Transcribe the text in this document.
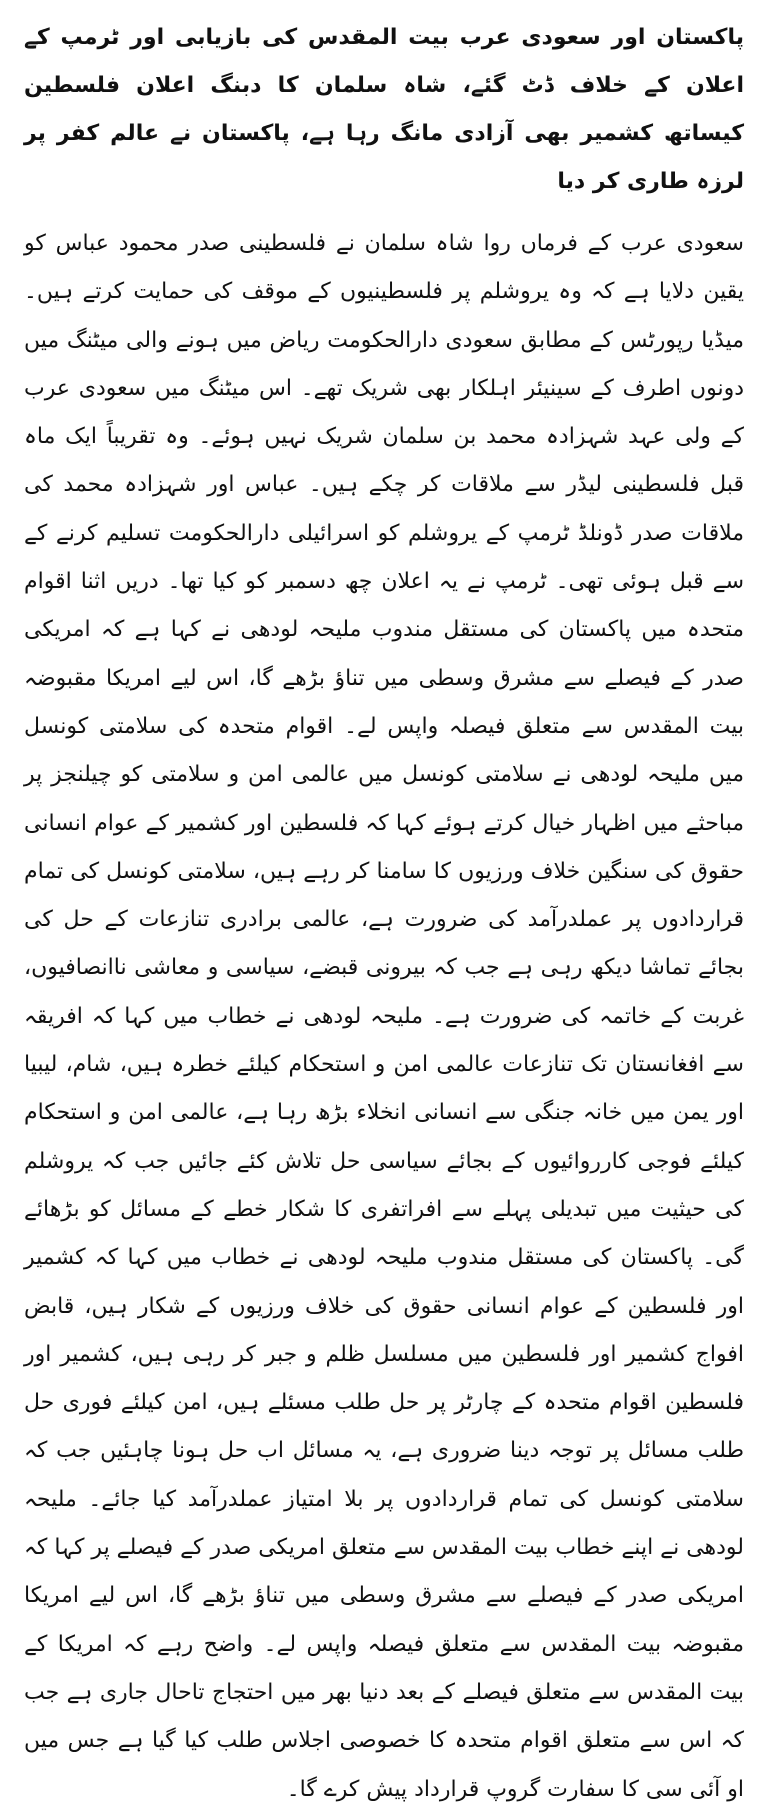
پاکستان اور سعودی عرب بیت المقدس کی بازیابی اور ٹرمپ کے اعلان کے خلاف ڈٹ گئے، شاہ سلمان کا دبنگ اعلان فلسطین کیساتھ کشمیر بھی آزادی مانگ رہا ہے، پاکستان نے عالم کفر پر لرزہ طاری کر دیا

سعودی عرب کے فرماں روا شاہ سلمان نے فلسطینی صدر محمود عباس کو یقین دلایا ہے کہ وہ یروشلم پر فلسطینیوں کے موقف کی حمایت کرتے ہیں۔ میڈیا رپورٹس کے مطابق سعودی دارالحکومت ریاض میں ہونے والی میٹنگ میں دونوں اطرف کے سینیئر اہلکار بھی شریک تھے۔ اس میٹنگ میں سعودی عرب کے ولی عہد شہزادہ محمد بن سلمان شریک نہیں ہوئے۔ وہ تقریباً ایک ماہ قبل فلسطینی لیڈر سے ملاقات کر چکے ہیں۔ عباس اور شہزادہ محمد کی ملاقات صدر ڈونلڈ ٹرمپ کے یروشلم کو اسرائیلی دارالحکومت تسلیم کرنے کے سے قبل ہوئی تھی۔ ٹرمپ نے یہ اعلان چھ دسمبر کو کیا تھا۔ دریں اثنا اقوام متحدہ میں پاکستان کی مستقل مندوب ملیحہ لودھی نے کہا ہے کہ امریکی صدر کے فیصلے سے مشرق وسطی میں تناؤ بڑھے گا، اس لیے امریکا مقبوضہ بیت المقدس سے متعلق فیصلہ واپس لے۔ اقوام متحدہ کی سلامتی کونسل میں ملیحہ لودھی نے سلامتی کونسل میں عالمی امن و سلامتی کو چیلنجز پر مباحثے میں اظہار خیال کرتے ہوئے کہا کہ فلسطین اور کشمیر کے عوام انسانی حقوق کی سنگین خلاف ورزیوں کا سامنا کر رہے ہیں، سلامتی کونسل کی تمام قراردادوں پر عملدرآمد کی ضرورت ہے، عالمی برادری تنازعات کے حل کی بجائے تماشا دیکھ رہی ہے جب کہ بیرونی قبضے، سیاسی و معاشی ناانصافیوں، غربت کے خاتمہ کی ضرورت ہے۔ ملیحہ لودھی نے خطاب میں کہا کہ افریقہ سے افغانستان تک تنازعات عالمی امن و استحکام کیلئے خطرہ ہیں، شام، لیبیا اور یمن میں خانہ جنگی سے انسانی انخلاء بڑھ رہا ہے، عالمی امن و استحکام کیلئے فوجی کارروائیوں کے بجائے سیاسی حل تلاش کئے جائیں جب کہ یروشلم کی حیثیت میں تبدیلی پہلے سے افراتفری کا شکار خطے کے مسائل کو بڑھائے گی۔ پاکستان کی مستقل مندوب ملیحہ لودھی نے خطاب میں کہا کہ کشمیر اور فلسطین کے عوام انسانی حقوق کی خلاف ورزیوں کے شکار ہیں، قابض افواج کشمیر اور فلسطین میں مسلسل ظلم و جبر کر رہی ہیں، کشمیر اور فلسطین اقوام متحدہ کے چارٹر پر حل طلب مسئلے ہیں، امن کیلئے فوری حل طلب مسائل پر توجہ دینا ضروری ہے، یہ مسائل اب حل ہونا چاہئیں جب کہ سلامتی کونسل کی تمام قراردادوں پر بلا امتیاز عملدرآمد کیا جائے۔ ملیحہ لودھی نے اپنے خطاب بیت المقدس سے متعلق امریکی صدر کے فیصلے پر کہا کہ امریکی صدر کے فیصلے سے مشرق وسطی میں تناؤ بڑھے گا، اس لیے امریکا مقبوضہ بیت المقدس سے متعلق فیصلہ واپس لے۔ واضح رہے کہ امریکا کے بیت المقدس سے متعلق فیصلے کے بعد دنیا بھر میں احتجاج تاحال جاری ہے جب کہ اس سے متعلق اقوام متحدہ کا خصوصی اجلاس طلب کیا گیا ہے جس میں او آئی سی کا سفارت گروپ قرارداد پیش کرے گا۔
